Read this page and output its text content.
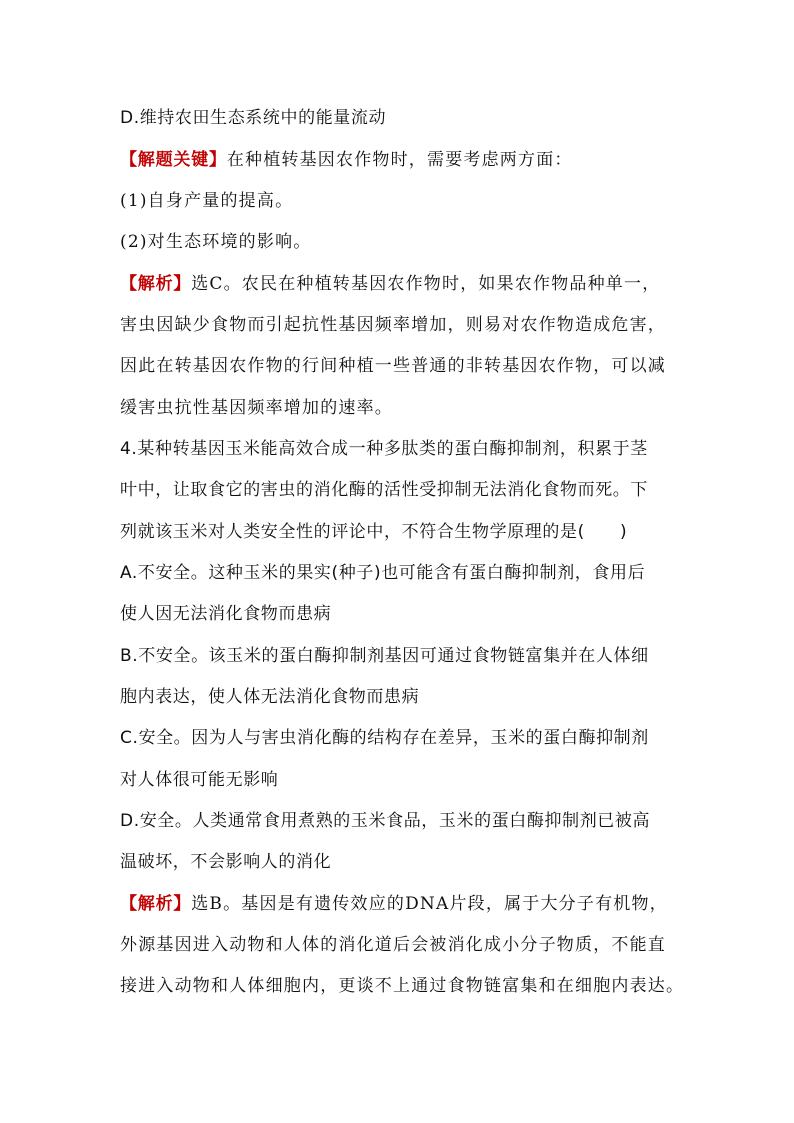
D.维持农田生态系统中的能量流动
【解题关键】在种植转基因农作物时，需要考虑两方面：
(1)自身产量的提高。
(2)对生态环境的影响。
【解析】选C。农民在种植转基因农作物时，如果农作物品种单一，
害虫因缺少食物而引起抗性基因频率增加，则易对农作物造成危害，
因此在转基因农作物的行间种植一些普通的非转基因农作物，可以减
缓害虫抗性基因频率增加的速率。
4.某种转基因玉米能高效合成一种多肽类的蛋白酶抑制剂，积累于茎
叶中，让取食它的害虫的消化酶的活性受抑制无法消化食物而死。下
列就该玉米对人类安全性的评论中，不符合生物学原理的是(　　)
A.不安全。这种玉米的果实(种子)也可能含有蛋白酶抑制剂，食用后
使人因无法消化食物而患病
B.不安全。该玉米的蛋白酶抑制剂基因可通过食物链富集并在人体细
胞内表达，使人体无法消化食物而患病
C.安全。因为人与害虫消化酶的结构存在差异，玉米的蛋白酶抑制剂
对人体很可能无影响
D.安全。人类通常食用煮熟的玉米食品，玉米的蛋白酶抑制剂已被高
温破坏，不会影响人的消化
【解析】选B。基因是有遗传效应的DNA片段，属于大分子有机物，
外源基因进入动物和人体的消化道后会被消化成小分子物质，不能直
接进入动物和人体细胞内，更谈不上通过食物链富集和在细胞内表达。
